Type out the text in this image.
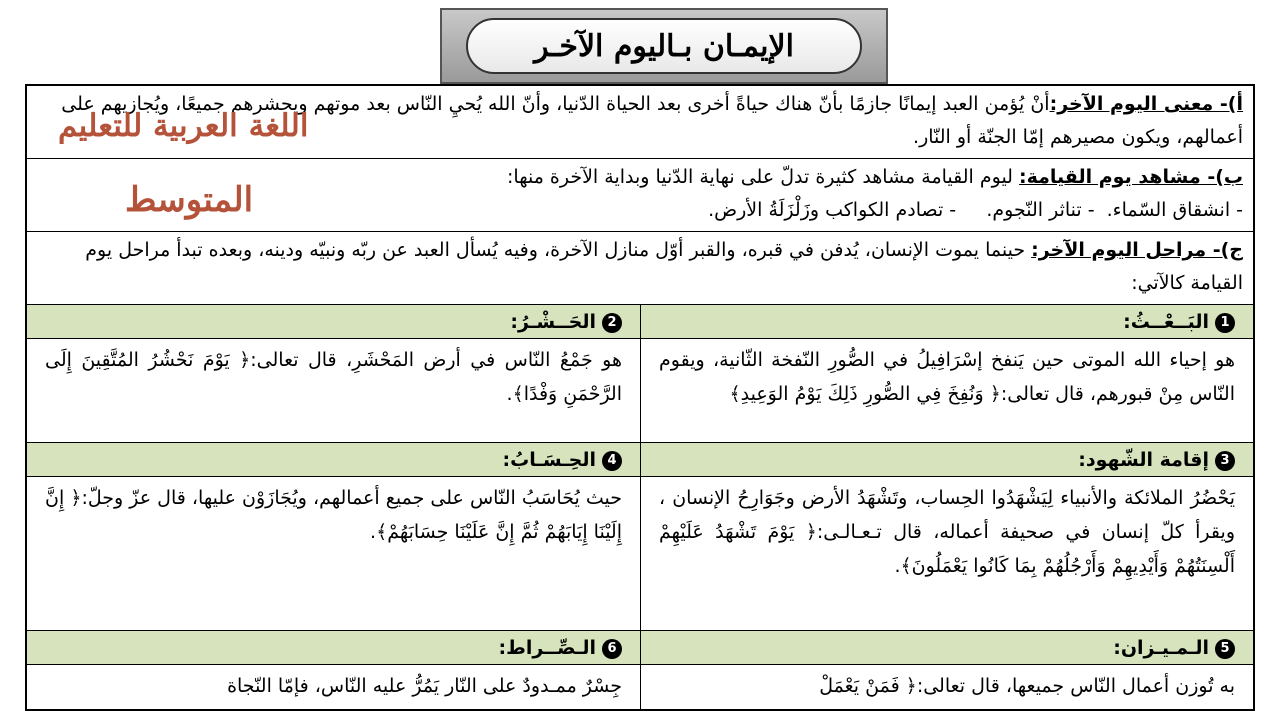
الإيمـان بـاليوم الآخـر

أ)- معنى اليوم الآخر:أنْ يُؤمن العبد إيمانًا جازمًا بأنّ هناك حياةً أخرى بعد الحياة الدّنيا، وأنّ الله يُحيِ النّاس بعد موتهم ويحشرهم جميعًا، ويُجازيهم على أعمالهم، ويكون مصيرهم إمّا الجنّة أو النّار.

ب)- مشاهد يوم القيامة: ليوم القيامة مشاهد كثيرة تدلّ على نهاية الدّنيا وبداية الآخرة منها:

- انشقاق السّماء.  - تناثر النّجوم.     - تصادم الكواكب وزَلْزَلَةُ الأرض.

ج)- مراحل اليوم الآخر: حينما يموت الإنسان، يُدفن في قبره، والقبر أوّل منازل الآخرة، وفيه يُسأل العبد عن ربّه ونبيّه ودينه، وبعده تبدأ مراحل يوم القيامة كالآتي:

1البَــعْــثُ:
2الحَــشْـرُ:
هو إحياء الله الموتى حين يَنفخ إسْرَافِيلُ في الصُّورِ النّفخة الثّانية، ويقوم النّاس مِنْ قبورهم، قال تعالى:﴿ وَنُفِخَ فِي الصُّورِ ذَلِكَ يَوْمُ الوَعِيدِ﴾
هو جَمْعُ النّاس في أرض المَحْشَرِ، قال تعالى:﴿ يَوْمَ نَحْشُرُ المُتَّقِينَ إِلَى الرَّحْمَنِ وَفْدًا﴾.
3إقامة الشّهود:
4الحِـسَـابُ:
يَحْضُرُ الملائكة والأنبياء لِيَشْهَدُوا الحِساب، وتَشْهَدُ الأرض وجَوَارِحُ الإنسان ، ويقرأ كلّ إنسان في صحيفة أعماله، قال تـعـالـى:﴿ يَوْمَ تَشْهَدُ عَلَيْهِمْ أَلْسِنَتُهُمْ وَأَيْدِيهِمْ وَأَرْجُلُهُمْ بِمَا كَانُوا يَعْمَلُونَ﴾.
حيث يُحَاسَبُ النّاس على جميع أعمالهم، ويُجَازَوْن عليها، قال عزّ وجلّ:﴿ إِنَّ إِلَيْنَا إِيَابَهُمْ ثُمَّ إِنَّ عَلَيْنَا حِسَابَهُمْ﴾.
5الـمـيـزان:
6الـصِّــراط:
به تُوزن أعمال النّاس جميعها، قال تعالى:﴿ فَمَنْ يَعْمَلْ
جِسْرٌ ممـدودٌ على النّار يَمُرُّ عليه النّاس، فإمّا النّجاة
اللغة العربية للتعليم
المتوسط
